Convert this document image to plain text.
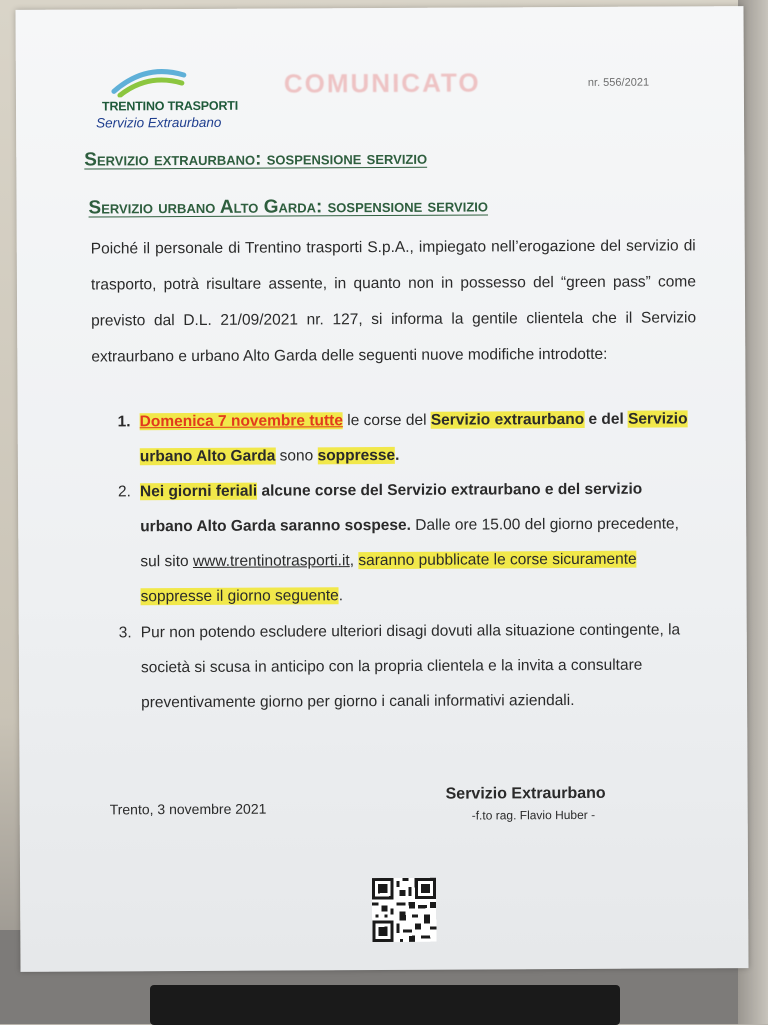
TRENTINO TRASPORTI
Servizio Extraurbano
COMUNICATO	nr. 556/2021
Servizio extraurbano: sospensione servizio
Servizio urbano Alto Garda: sospensione servizio
Poiché il personale di Trentino trasporti S.p.A., impiegato nell’erogazione del servizio di trasporto, potrà risultare assente, in quanto non in possesso del “green pass” come previsto dal D.L. 21/09/2021 nr. 127, si informa la gentile clientela che il Servizio extraurbano e urbano Alto Garda delle seguenti nuove modifiche introdotte:
1. Domenica 7 novembre tutte le corse del Servizio extraurbano e del Servizio urbano Alto Garda sono soppresse.
2. Nei giorni feriali alcune corse del Servizio extraurbano e del servizio urbano Alto Garda saranno sospese. Dalle ore 15.00 del giorno precedente, sul sito www.trentinotrasporti.it, saranno pubblicate le corse sicuramente soppresse il giorno seguente.
3. Pur non potendo escludere ulteriori disagi dovuti alla situazione contingente, la società si scusa in anticipo con la propria clientela e la invita a consultare preventivamente giorno per giorno i canali informativi aziendali.
Trento, 3 novembre 2021
Servizio Extraurbano
-f.to rag. Flavio Huber -
